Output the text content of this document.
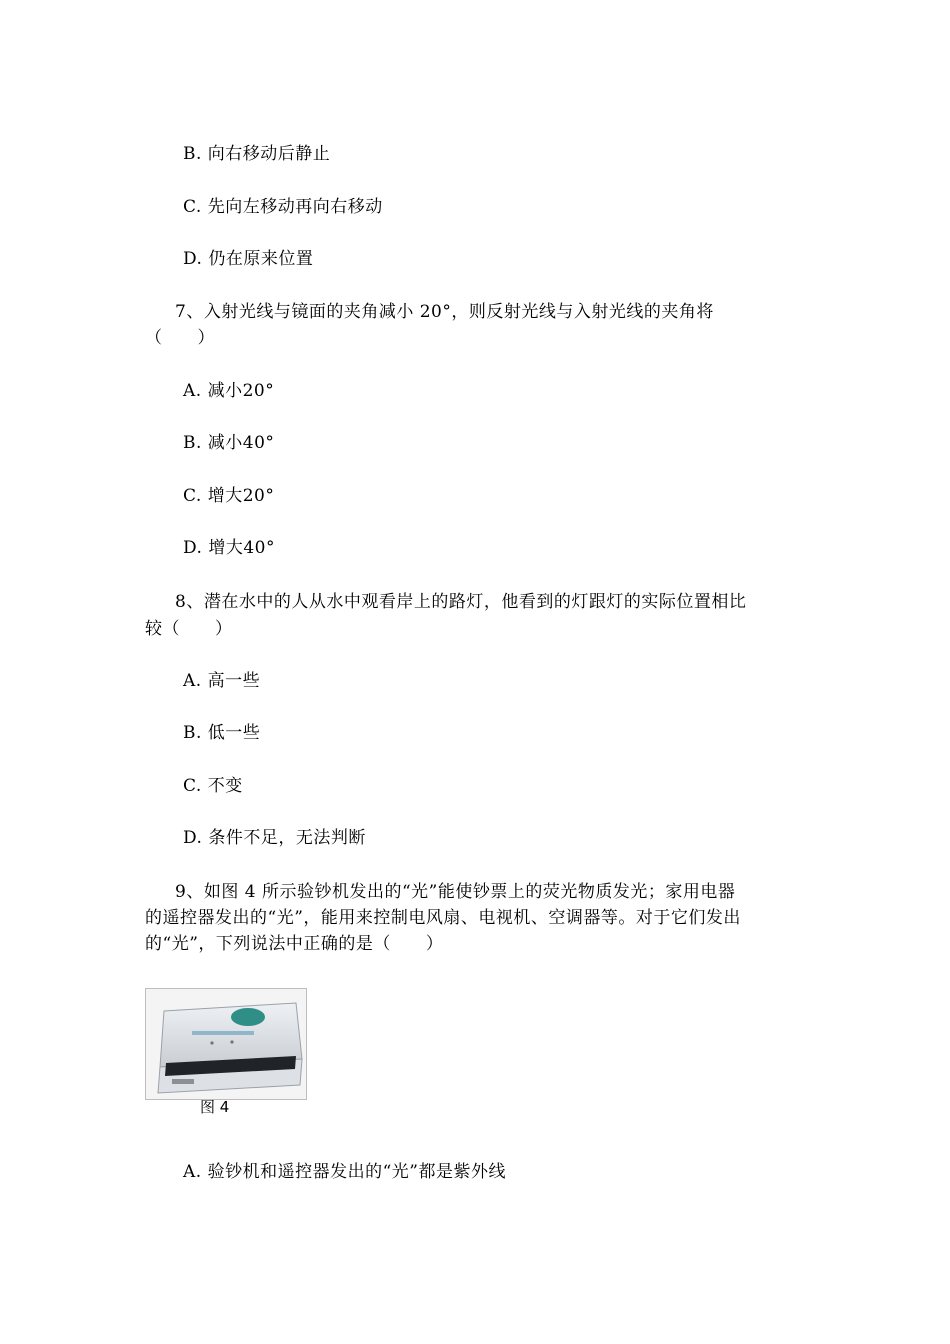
B. 向右移动后静止
C. 先向左移动再向右移动
D. 仍在原来位置
7、入射光线与镜面的夹角减小 20°，则反射光线与入射光线的夹角将
（　　）
A. 减小20°
B. 减小40°
C. 增大20°
D. 增大40°
8、潜在水中的人从水中观看岸上的路灯，他看到的灯跟灯的实际位置相比
较（　　）
A. 高一些
B. 低一些
C. 不变
D. 条件不足，无法判断
9、如图 4 所示验钞机发出的“光”能使钞票上的荧光物质发光；家用电器
的遥控器发出的“光”，能用来控制电风扇、电视机、空调器等。对于它们发出
的“光”，下列说法中正确的是（　　）
图 4
A. 验钞机和遥控器发出的“光”都是紫外线
